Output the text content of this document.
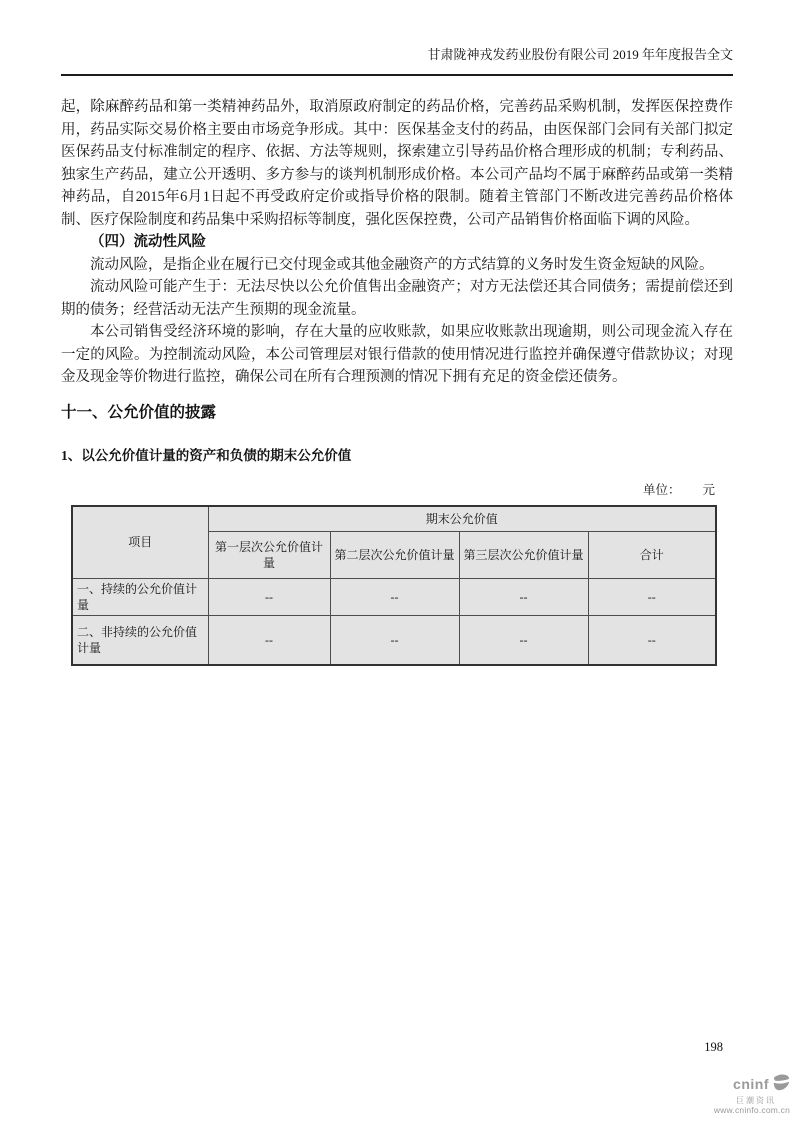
甘肃陇神戎发药业股份有限公司 2019 年年度报告全文

起，除麻醉药品和第一类精神药品外，取消原政府制定的药品价格，完善药品采购机制，发挥医保控费作用，药品实际交易价格主要由市场竞争形成。其中：医保基金支付的药品，由医保部门会同有关部门拟定医保药品支付标准制定的程序、依据、方法等规则，探索建立引导药品价格合理形成的机制；专利药品、独家生产药品，建立公开透明、多方参与的谈判机制形成价格。本公司产品均不属于麻醉药品或第一类精神药品，自2015年6月1日起不再受政府定价或指导价格的限制。随着主管部门不断改进完善药品价格体制、医疗保险制度和药品集中采购招标等制度，强化医保控费，公司产品销售价格面临下调的风险。

（四）流动性风险

流动风险，是指企业在履行已交付现金或其他金融资产的方式结算的义务时发生资金短缺的风险。

流动风险可能产生于：无法尽快以公允价值售出金融资产；对方无法偿还其合同债务；需提前偿还到期的债务；经营活动无法产生预期的现金流量。

本公司销售受经济环境的影响，存在大量的应收账款，如果应收账款出现逾期，则公司现金流入存在一定的风险。为控制流动风险，本公司管理层对银行借款的使用情况进行监控并确保遵守借款协议；对现金及现金等价物进行监控，确保公司在所有合理预测的情况下拥有充足的资金偿还债务。

十一、公允价值的披露
1、以公允价值计量的资产和负债的期末公允价值
单位： 元
项目	期末公允价值			
	第一层次公允价值计量	第二层次公允价值计量	第三层次公允价值计量	合计
一、持续的公允价值计量	--	--	--	--
二、非持续的公允价值计量	--	--	--	--
198
cninf
巨潮资讯
www.cninfo.com.cn
